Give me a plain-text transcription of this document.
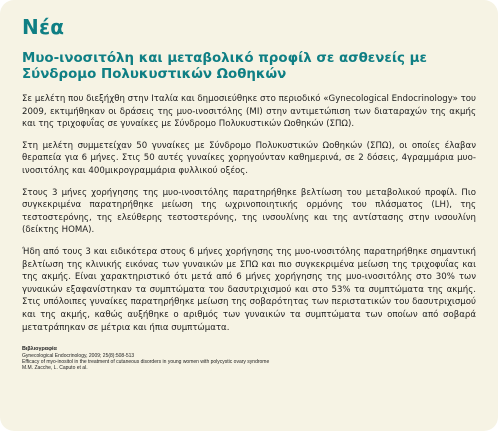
Νέα
Μυο-ινοσιτόλη και μεταβολικό προφίλ σε ασθενείς με Σύνδρομο Πολυκυστικών Ωοθηκών
Σε μελέτη που διεξήχθη στην Ιταλία και δημοσιεύθηκε στο περιοδικό «Gynecological Endocrinology» του 2009, εκτιμήθηκαν οι δράσεις της μυο-ινοσιτόλης (MI) στην αντιμετώπιση των διαταραχών της ακμής και της τριχοφυΐας σε γυναίκες με Σύνδρομο Πολυκυστικών Ωοθηκών (ΣΠΩ).
Στη μελέτη συμμετείχαν 50 γυναίκες με Σύνδρομο Πολυκυστικών Ωοθηκών (ΣΠΩ), οι οποίες έλαβαν θεραπεία για 6 μήνες. Στις 50 αυτές γυναίκες χορηγούνταν καθημερινά, σε 2 δόσεις, 4γραμμάρια μυο-ινοσιτόλης και 400μικρογραμμάρια φυλλικού οξέος.
Στους 3 μήνες χορήγησης της μυο-ινοσιτόλης παρατηρήθηκε βελτίωση του μεταβολικού προφίλ. Πιο συγκεκριμένα παρατηρήθηκε μείωση της ωχρινοποιητικής ορμόνης του πλάσματος (LH), της τεστοστερόνης, της ελεύθερης τεστοστερόνης, της ινσουλίνης και της αντίστασης στην ινσουλίνη (δείκτης HOMA).
Ήδη από τους 3 και ειδικότερα στους 6 μήνες χορήγησης της μυο-ινοσιτόλης παρατηρήθηκε σημαντική βελτίωση της κλινικής εικόνας των γυναικών με ΣΠΩ και πιο συγκεκριμένα μείωση της τριχοφυΐας και της ακμής. Είναι χαρακτηριστικό ότι μετά από 6 μήνες χορήγησης της μυο-ινοσιτόλης στο 30% των γυναικών εξαφανίστηκαν τα συμπτώματα του δασυτριχισμού και στο 53% τα συμπτώματα της ακμής. Στις υπόλοιπες γυναίκες παρατηρήθηκε μείωση της σοβαρότητας των περιστατικών του δασυτριχισμού και της ακμής, καθώς αυξήθηκε ο αριθμός των γυναικών τα συμπτώματα των οποίων από σοβαρά μετατράπηκαν σε μέτρια και ήπια συμπτώματα.
Βιβλιογραφία
Gynecological Endocrinology, 2009; 25(8):508-513
Efficacy of myo-inositol in the treatment of cutaneous disorders in young women with polycystic ovary syndrome
M.M. Zacche, L. Caputo et al.
